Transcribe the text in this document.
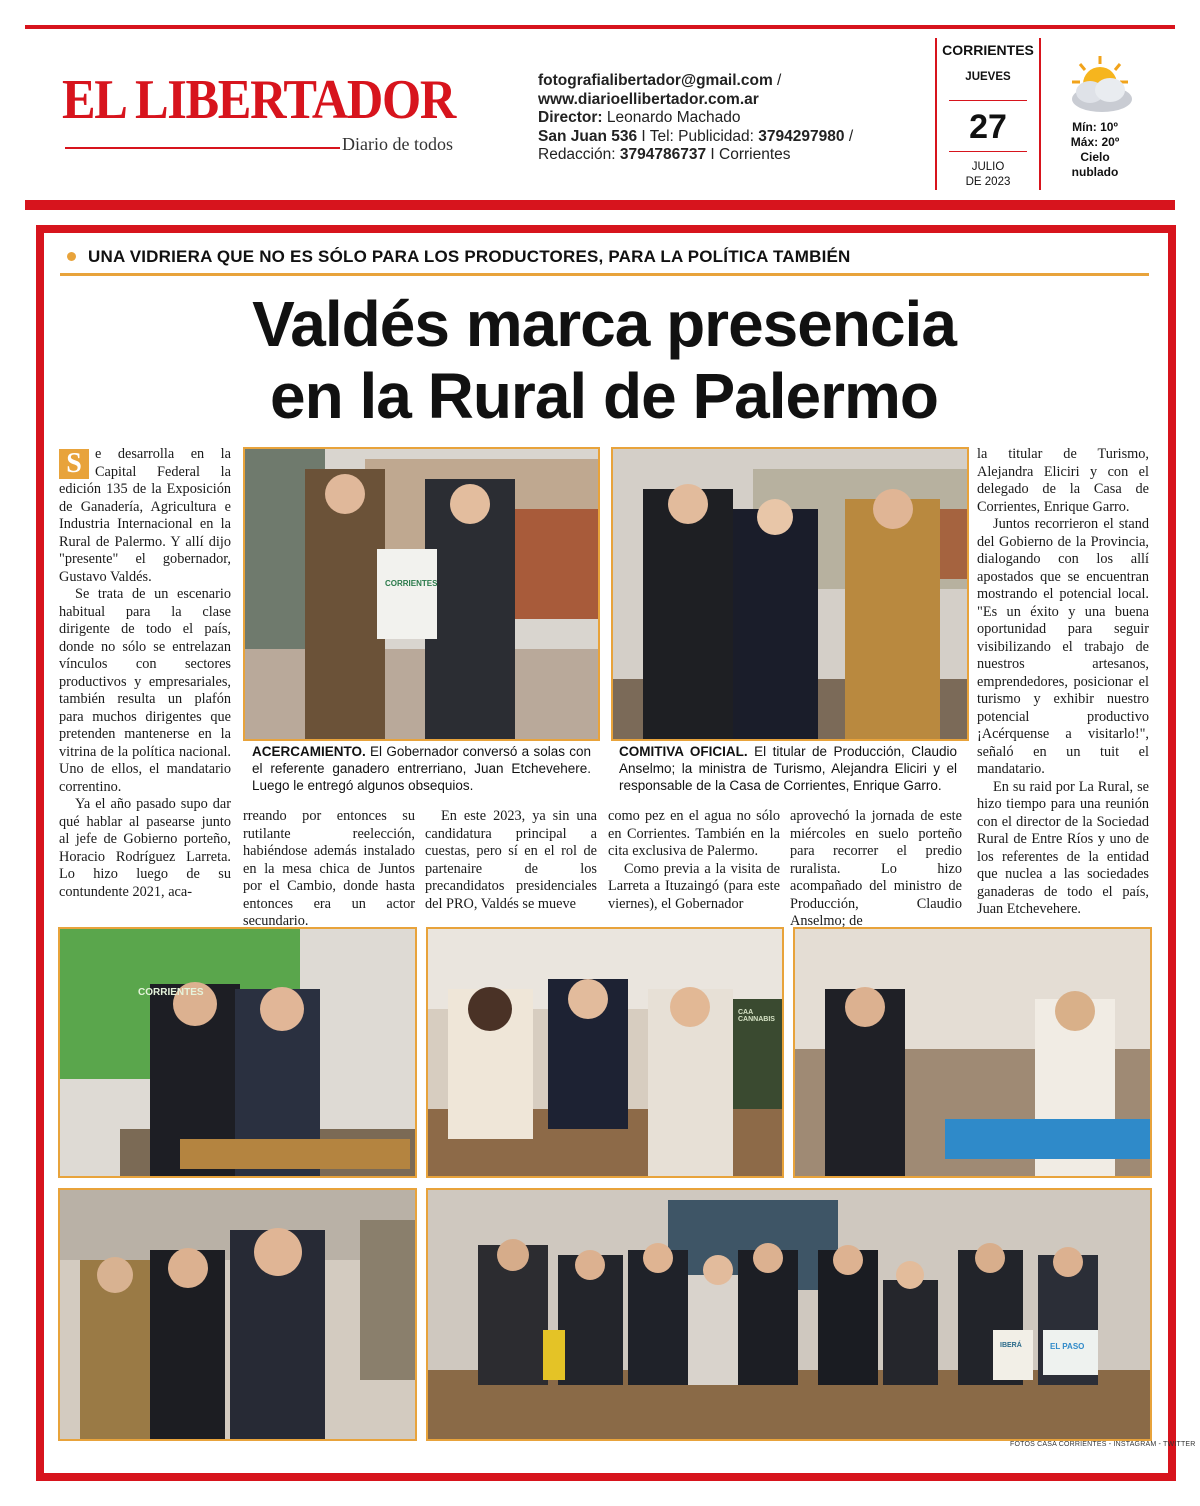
EL LIBERTADOR
Diario de todos
fotografialibertador@gmail.com /
www.diarioellibertador.com.ar
Director: Leonardo Machado
San Juan 536 I Tel: Publicidad: 3794297980 /
Redacción: 3794786737 I Corrientes
CORRIENTES
JUEVES
27
JULIO
DE 2023
Mín: 10º
Máx: 20º
Cielo
nublado
UNA VIDRIERA QUE NO ES SÓLO PARA LOS PRODUCTORES, PARA LA POLÍTICA TAMBIÉN
Valdés marca presencia
en la Rural de Palermo

S e desarrolla en la Capital Federal la edición 135 de la Exposición de Ganadería, Agricultura e Industria Internacional en la Rural de Palermo. Y allí dijo "presente" el gobernador, Gustavo Valdés.

Se trata de un escenario habitual para la clase dirigente de todo el país, donde no sólo se entrelazan vínculos con sectores productivos y empresariales, también resulta un plafón para muchos dirigentes que pretenden mantenerse en la vitrina de la política nacional. Uno de ellos, el mandatario correntino.

Ya el año pasado supo dar qué hablar al pasearse junto al jefe de Gobierno porteño, Horacio Rodríguez Larreta. Lo hizo luego de su contundente 2021, aca-

CORRIENTES
ACERCAMIENTO. El Gobernador conversó a solas con el referente ganadero entrerriano, Juan Etchevehere. Luego le entregó algunos obsequios.
COMITIVA OFICIAL. El titular de Producción, Claudio Anselmo; la ministra de Turismo, Alejandra Eliciri y el responsable de la Casa de Corrientes, Enrique Garro.

rreando por entonces su rutilante reelección, habiéndose además instalado en la mesa chica de Juntos por el Cambio, donde hasta entonces era un actor secundario.

En este 2023, ya sin una candidatura principal a cuestas, pero sí en el rol de partenaire de los precandidatos presidenciales del PRO, Valdés se mueve

como pez en el agua no sólo en Corrientes. También en la cita exclusiva de Palermo.

Como previa a la visita de Larreta a Ituzaingó (para este viernes), el Gobernador

aprovechó la jornada de este miércoles en suelo porteño para recorrer el predio ruralista. Lo hizo acompañado del ministro de Producción, Claudio Anselmo; de

la titular de Turismo, Alejandra Eliciri y con el delegado de la Casa de Corrientes, Enrique Garro.

Juntos recorrieron el stand del Gobierno de la Provincia, dialogando con los allí apostados que se encuentran mostrando el potencial local. "Es un éxito y una buena oportunidad para seguir visibilizando el trabajo de nuestros artesanos, emprendedores, posicionar el turismo y exhibir nuestro potencial productivo ¡Acérquense a visitarlo!", señaló en un tuit el mandatario.

En su raid por La Rural, se hizo tiempo para una reunión con el director de la Sociedad Rural de Entre Ríos y uno de los referentes de la entidad que nuclea a las sociedades ganaderas de todo el país, Juan Etchevehere.

CORRIENTES
CAA CANNABIS
IBERÁ	EL PASO
FOTOS CASA CORRIENTES - INSTAGRAM - TWITTER
